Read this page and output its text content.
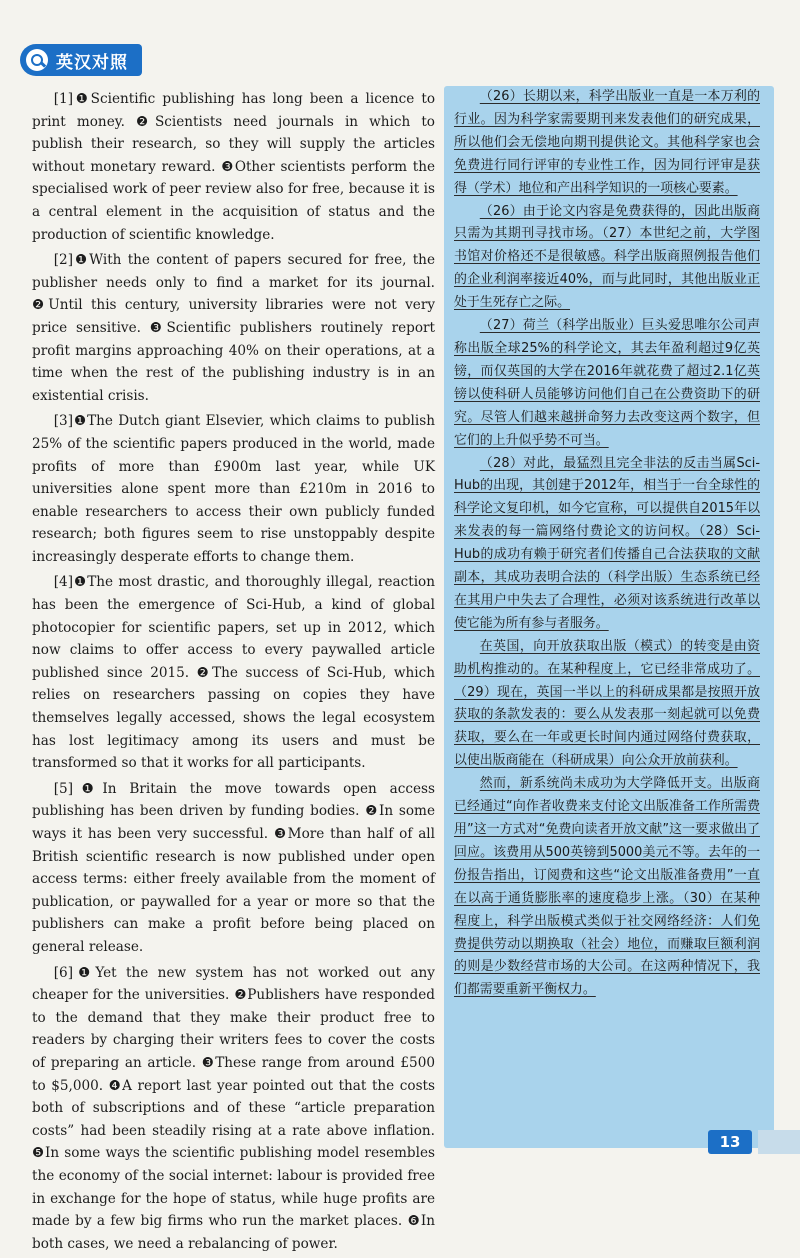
英汉对照

[1]❶Scientific publishing has long been a licence to print money. ❷Scientists need journals in which to publish their research, so they will supply the articles without monetary reward. ❸Other scientists perform the specialised work of peer review also for free, because it is a central element in the acquisition of status and the production of scientific knowledge.

[2]❶With the content of papers secured for free, the publisher needs only to find a market for its journal. ❷Until this century, university libraries were not very price sensitive. ❸Scientific publishers routinely report profit margins approaching 40% on their operations, at a time when the rest of the publishing industry is in an existential crisis.

[3]❶The Dutch giant Elsevier, which claims to publish 25% of the scientific papers produced in the world, made profits of more than £900m last year, while UK universities alone spent more than £210m in 2016 to enable researchers to access their own publicly funded research; both figures seem to rise unstoppably despite increasingly desperate efforts to change them.

[4]❶The most drastic, and thoroughly illegal, reaction has been the emergence of Sci-Hub, a kind of global photocopier for scientific papers, set up in 2012, which now claims to offer access to every paywalled article published since 2015. ❷The success of Sci-Hub, which relies on researchers passing on copies they have themselves legally accessed, shows the legal ecosystem has lost legitimacy among its users and must be transformed so that it works for all participants.

[5]❶In Britain the move towards open access publishing has been driven by funding bodies. ❷In some ways it has been very successful. ❸More than half of all British scientific research is now published under open access terms: either freely available from the moment of publication, or paywalled for a year or more so that the publishers can make a profit before being placed on general release.

[6]❶Yet the new system has not worked out any cheaper for the universities. ❷Publishers have responded to the demand that they make their product free to readers by charging their writers fees to cover the costs of preparing an article. ❸These range from around £500 to $5,000. ❹A report last year pointed out that the costs both of subscriptions and of these “article preparation costs” had been steadily rising at a rate above inflation. ❺In some ways the scientific publishing model resembles the economy of the social internet: labour is provided free in exchange for the hope of status, while huge profits are made by a few big firms who run the market places. ❻In both cases, we need a rebalancing of power.

（26）长期以来，科学出版业一直是一本万利的行业。因为科学家需要期刊来发表他们的研究成果，所以他们会无偿地向期刊提供论文。其他科学家也会免费进行同行评审的专业性工作，因为同行评审是获得（学术）地位和产出科学知识的一项核心要素。

（26）由于论文内容是免费获得的，因此出版商只需为其期刊寻找市场。（27）本世纪之前，大学图书馆对价格还不是很敏感。科学出版商照例报告他们的企业利润率接近40%，而与此同时，其他出版业正处于生死存亡之际。

（27）荷兰（科学出版业）巨头爱思唯尔公司声称出版全球25%的科学论文，其去年盈利超过9亿英镑，而仅英国的大学在2016年就花费了超过2.1亿英镑以使科研人员能够访问他们自己在公费资助下的研究。尽管人们越来越拼命努力去改变这两个数字，但它们的上升似乎势不可当。

（28）对此，最猛烈且完全非法的反击当属Sci-Hub的出现，其创建于2012年，相当于一台全球性的科学论文复印机，如今它宣称，可以提供自2015年以来发表的每一篇网络付费论文的访问权。（28）Sci-Hub的成功有赖于研究者们传播自己合法获取的文献副本，其成功表明合法的（科学出版）生态系统已经在其用户中失去了合理性，必须对该系统进行改革以使它能为所有参与者服务。

在英国，向开放获取出版（模式）的转变是由资助机构推动的。在某种程度上，它已经非常成功了。（29）现在，英国一半以上的科研成果都是按照开放获取的条款发表的：要么从发表那一刻起就可以免费获取，要么在一年或更长时间内通过网络付费获取，以使出版商能在（科研成果）向公众开放前获利。

然而，新系统尚未成功为大学降低开支。出版商已经通过“向作者收费来支付论文出版准备工作所需费用”这一方式对“免费向读者开放文献”这一要求做出了回应。该费用从500英镑到5000美元不等。去年的一份报告指出，订阅费和这些“论文出版准备费用”一直在以高于通货膨胀率的速度稳步上涨。（30）在某种程度上，科学出版模式类似于社交网络经济：人们免费提供劳动以期换取（社会）地位，而赚取巨额利润的则是少数经营市场的大公司。在这两种情况下，我们都需要重新平衡权力。

13
